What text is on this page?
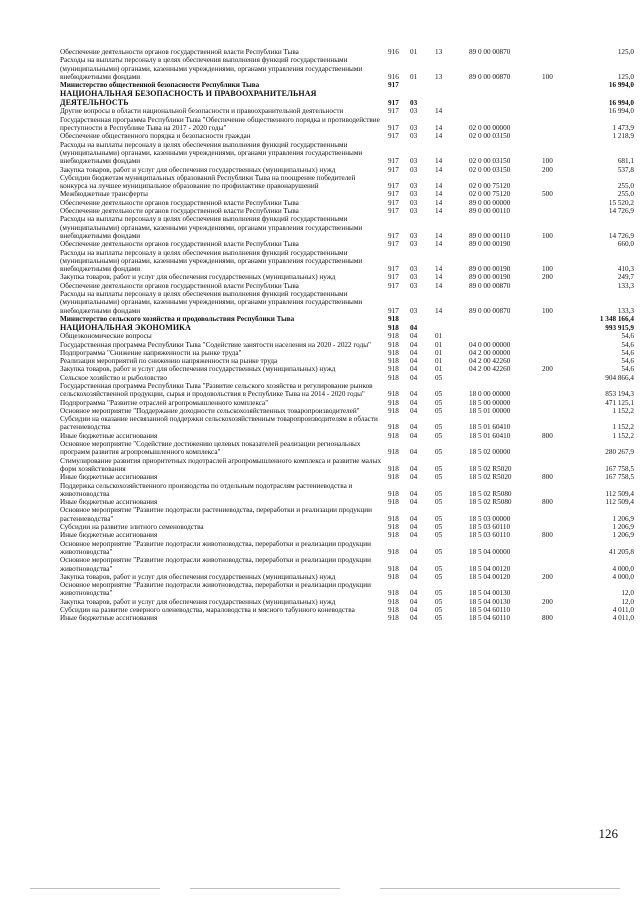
Обеспечение деятельности органов государственной власти Республики Тыва	916	01	13	89 0 00 00870		125,0
Расходы на выплаты персоналу в целях обеспечения выполнения функций государственными (муниципальными) органами, казенными учреждениями, органами управления государственными внебюджетными фондами	916	01	13	89 0 00 00870	100	125,0
Министерство общественной безопасности Республики Тыва	917					16 994,0
НАЦИОНАЛЬНАЯ БЕЗОПАСНОСТЬ И ПРАВООХРАНИТЕЛЬНАЯ ДЕЯТЕЛЬНОСТЬ	917	03				16 994,0
Другие вопросы в области национальной безопасности и правоохранительной деятельности	917	03	14			16 994,0
Государственная программа Республики Тыва "Обеспечение общественного порядка и противодействие преступности в Республике Тыва на 2017 - 2020 годы"	917	03	14	02 0 00 00000		1 473,9
Обеспечение общественного порядка и безопасности граждан	917	03	14	02 0 00 03150		1 218,9
Расходы на выплаты персоналу в целях обеспечения выполнения функций государственными (муниципальными) органами, казенными учреждениями, органами управления государственными внебюджетными фондами	917	03	14	02 0 00 03150	100	681,1
Закупка товаров, работ и услуг для обеспечения государственных (муниципальных) нужд	917	03	14	02 0 00 03150	200	537,8
Субсидии бюджетам муниципальных образований Республики Тыва на поощрение победителей конкурса на лучшее муниципальное образование по профилактике правонарушений	917	03	14	02 0 00 75120		255,0
Межбюджетные трансферты	917	03	14	02 0 00 75120	500	255,0
Обеспечение деятельности органов государственной власти Республики Тыва	917	03	14	89 0 00 00000		15 520,2
Обеспечение деятельности органов государственной власти Республики Тыва	917	03	14	89 0 00 00110		14 726,9
Расходы на выплаты персоналу в целях обеспечения выполнения функций государственными (муниципальными) органами, казенными учреждениями, органами управления государственными внебюджетными фондами	917	03	14	89 0 00 00110	100	14 726,9
Обеспечение деятельности органов государственной власти Республики Тыва	917	03	14	89 0 00 00190		660,0
Расходы на выплаты персоналу в целях обеспечения выполнения функций государственными (муниципальными) органами, казенными учреждениями, органами управления государственными внебюджетными фондами	917	03	14	89 0 00 00190	100	410,3
Закупка товаров, работ и услуг для обеспечения государственных (муниципальных) нужд	917	03	14	89 0 00 00190	200	249,7
Обеспечение деятельности органов государственной власти Республики Тыва	917	03	14	89 0 00 00870		133,3
Расходы на выплаты персоналу в целях обеспечения выполнения функций государственными (муниципальными) органами, казенными учреждениями, органами управления государственными внебюджетными фондами	917	03	14	89 0 00 00870	100	133,3
Министерство сельского хозяйства и продовольствия Республики Тыва	918					1 348 166,4
НАЦИОНАЛЬНАЯ ЭКОНОМИКА	918	04				993 915,9
Общеэкономические вопросы	918	04	01			54,6
Государственная программа Республики Тыва "Содействие занятости населения на 2020 - 2022 годы"	918	04	01	04 0 00 00000		54,6
Подпрограмма "Снижение напряженности на рынке труда"	918	04	01	04 2 00 00000		54,6
Реализация мероприятий по снижению напряженности на рынке труда	918	04	01	04 2 00 42260		54,6
Закупка товаров, работ и услуг для обеспечения государственных (муниципальных) нужд	918	04	01	04 2 00 42260	200	54,6
Сельское хозяйство и рыболовство	918	04	05			904 866,4
Государственная программа Республики Тыва "Развитие сельского хозяйства и регулирование рынков сельскохозяйственной продукции, сырья и продовольствия в Республике Тыва на 2014 - 2020 годы"	918	04	05	18 0 00 00000		853 194,3
Подпрограмма "Развитие отраслей агропромышленного комплекса"	918	04	05	18 5 00 00000		471 125,1
Основное мероприятие "Поддержание доходности сельскохозяйственных товаропроизводителей"	918	04	05	18 5 01 00000		1 152,2
Субсидии на оказание несвязанной поддержки сельскохозяйственным товаропроизводителям в области растениеводства	918	04	05	18 5 01 60410		1 152,2
Иные бюджетные ассигнования	918	04	05	18 5 01 60410	800	1 152,2
Основное мероприятие "Содействие достижению целевых показателей реализации региональных программ развития агропромышленного комплекса"	918	04	05	18 5 02 00000		280 267,9
Стимулирование развития приоритетных подотраслей агропромышленного комплекса и развитие малых форм хозяйствования	918	04	05	18 5 02 R5020		167 758,5
Иные бюджетные ассигнования	918	04	05	18 5 02 R5020	800	167 758,5
Поддержка сельскохозяйственного производства по отдельным подотраслям растениеводства и животноводства	918	04	05	18 5 02 R5080		112 509,4
Иные бюджетные ассигнования	918	04	05	18 5 02 R5080	800	112 509,4
Основное мероприятие "Развитие подотрасли растениеводства, переработки и реализации продукции растениеводства"	918	04	05	18 5 03 00000		1 206,9
Субсидии на развитие элитного семеноводства	918	04	05	18 5 03 60110		1 206,9
Иные бюджетные ассигнования	918	04	05	18 5 03 60110	800	1 206,9
Основное мероприятие "Развитие подотрасли животноводства, переработки и реализации продукции животноводства"	918	04	05	18 5 04 00000		41 205,8
Основное мероприятие "Развитие подотрасли животноводства, переработки и реализации продукции животноводства"	918	04	05	18 5 04 00120		4 000,0
Закупка товаров, работ и услуг для обеспечения государственных (муниципальных) нужд	918	04	05	18 5 04 00120	200	4 000,0
Основное мероприятие "Развитие подотрасли животноводства, переработки и реализации продукции животноводства"	918	04	05	18 5 04 00130		12,0
Закупка товаров, работ и услуг для обеспечения государственных (муниципальных) нужд	918	04	05	18 5 04 00130	200	12,0
Субсидии на развитие северного оленеводства, мараловодства и мясного табунного коневодства	918	04	05	18 5 04 60110		4 011,0
Иные бюджетные ассигнования	918	04	05	18 5 04 60110	800	4 011,0
126
